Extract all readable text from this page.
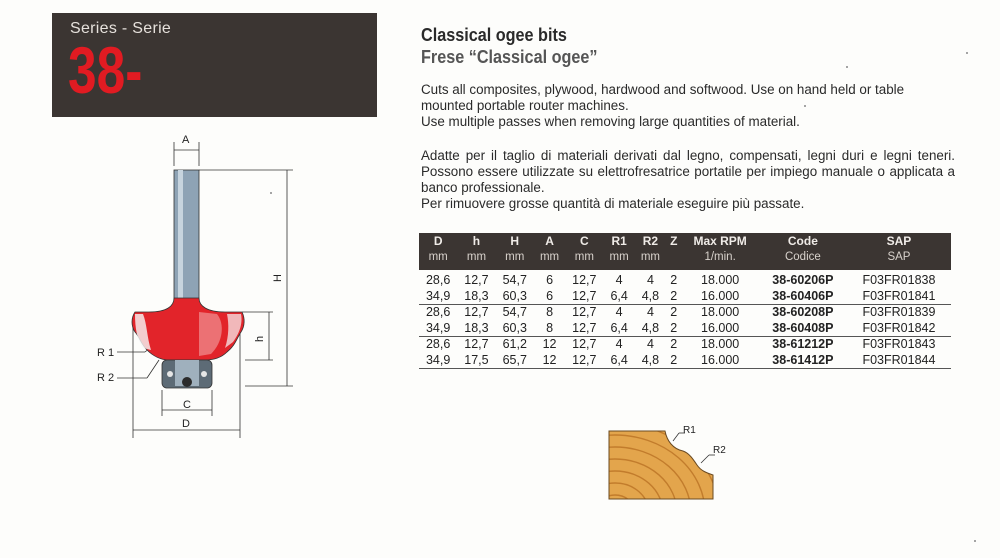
Series - Serie
38-
A
H
h
R 1
R 2
C
D
Classical ogee bits
Frese “Classical ogee”

Cuts all composites, plywood, hardwood and softwood. Use on hand held or table mounted portable router machines.

Use multiple passes when removing large quantities of material.

Adatte per il taglio di materiali derivati dal legno, compensati, legni duri e legni teneri. Possono essere utilizzate su elettrofresatrice portatile per impiego manuale o applicata a banco professionale.

Per rimuovere grosse quantità di materiale eseguire più passate.

D	h	H	A	C	R1	R2	Z	Max RPM	Code	SAP
mm	mm	mm	mm	mm	mm	mm		1/min.	Codice	SAP
28,6	12,7	54,7	6	12,7	4	4	2	18.000	38-60206P	F03FR01838
34,9	18,3	60,3	6	12,7	6,4	4,8	2	16.000	38-60406P	F03FR01841
28,6	12,7	54,7	8	12,7	4	4	2	18.000	38-60208P	F03FR01839
34,9	18,3	60,3	8	12,7	6,4	4,8	2	16.000	38-60408P	F03FR01842
28,6	12,7	61,2	12	12,7	4	4	2	18.000	38-61212P	F03FR01843
34,9	17,5	65,7	12	12,7	6,4	4,8	2	16.000	38-61412P	F03FR01844
R1
R2
